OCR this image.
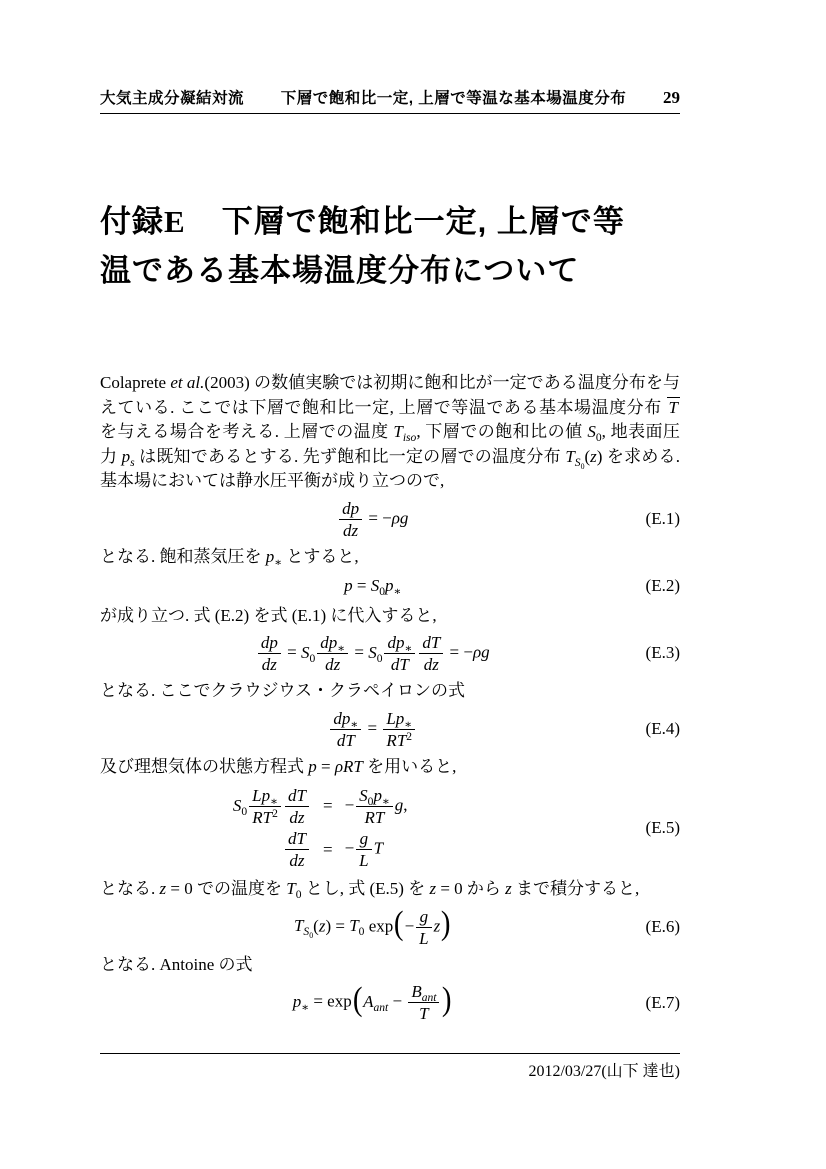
大気主成分凝結対流 下層で飽和比一定, 上層で等温な基本場温度分布 29
付録E 下層で飽和比一定, 上層で等
温である基本場温度分布について
Colaprete et al.(2003) の数値実験では初期に飽和比が一定である温度分布を与えている. ここでは下層で飽和比一定, 上層で等温である基本場温度分布 T を与える場合を考える. 上層での温度 $T_{iso}$, 下層での飽和比の値 $S_0$, 地表面圧力 $p_s$ は既知であるとする. 先ず飽和比一定の層での温度分布 $T_{S_0}(z)$ を求める. 基本場においては静水圧平衡が成り立つので,
$\frac{dp}{dz} = -\rho g$	(E.1)
となる. 飽和蒸気圧を $p_∗$ とすると,
$p = S_0p_∗$	(E.2)
が成り立つ. 式 (E.2) を式 (E.1) に代入すると,
$\frac{dp}{dz} = S_0 \frac{dp_∗}{dz} = S_0 \frac{dp_∗}{dT} \frac{dT}{dz} = -\rho g$	(E.3)
となる. ここでクラウジウス・クラペイロンの式
$\frac{dp_∗}{dT} = \frac{Lp_∗}{RT^2}$	(E.4)
及び理想気体の状態方程式 p = ρRT を用いると,
$S_0 \frac{Lp_∗}{RT^2} \frac{dT}{dz}$ = − $\frac{S_0p_∗}{RT} g$,
$\frac{dT}{dz}$ = − $\frac{g}{L}$ T
(E.5)
となる. z = 0 での温度を $T_0$ とし, 式 (E.5) を z = 0 から z まで積分すると,
$T_{S_0}(z) = T_0$ $\exp(- \frac{g}{L} z)$	(E.6)
となる. Antoine の式
$p_∗ = \exp(A_{ant} - \frac{B_{ant}}{T}$ )	(E.7)
2012/03/27(山下 達也)
